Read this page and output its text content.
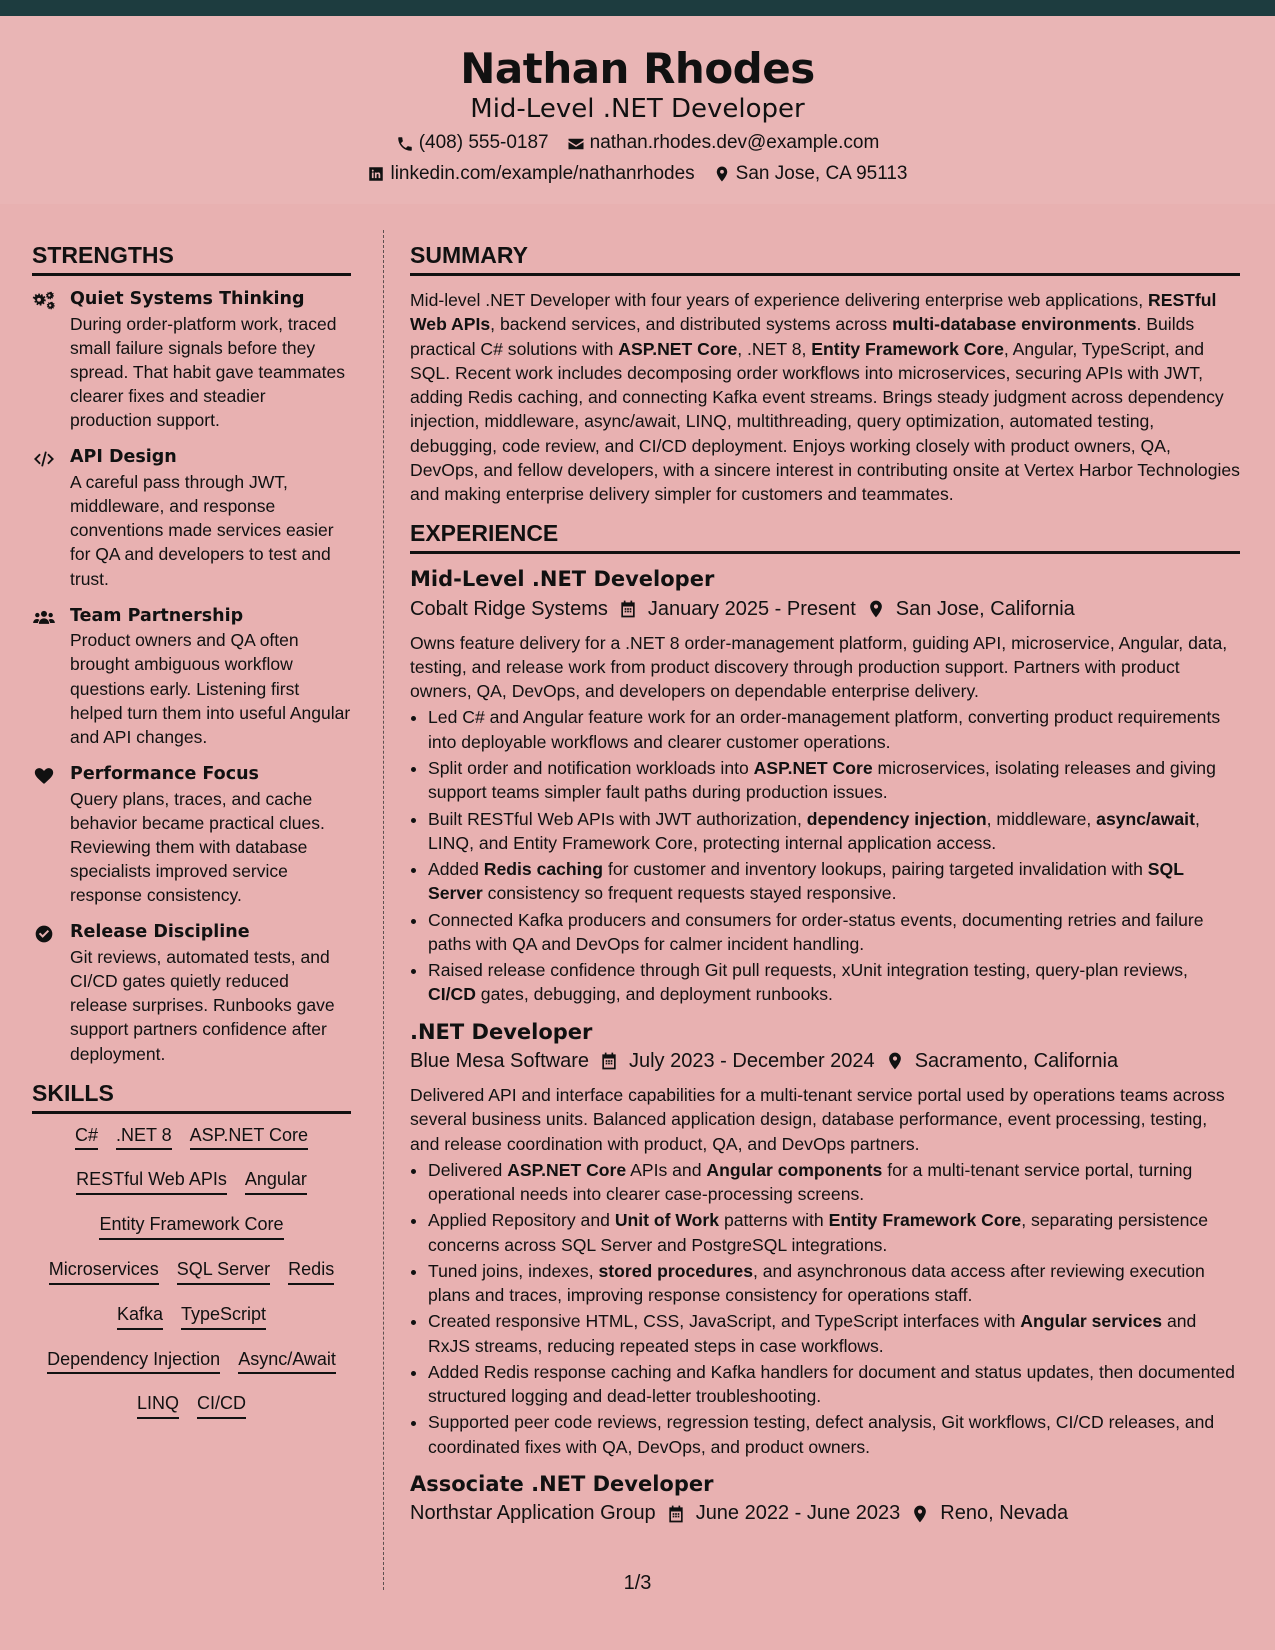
Nathan Rhodes
Mid-Level .NET Developer
(408) 555-0187 nathan.rhodes.dev@example.com
linkedin.com/example/nathanrhodes San Jose, CA 95113
STRENGTHS
Quiet Systems Thinking
During order-platform work, traced small failure signals before they spread. That habit gave teammates clearer fixes and steadier production support.
API Design
A careful pass through JWT, middleware, and response conventions made services easier for QA and developers to test and trust.
Team Partnership
Product owners and QA often brought ambiguous workflow questions early. Listening first helped turn them into useful Angular and API changes.
Performance Focus
Query plans, traces, and cache behavior became practical clues. Reviewing them with database specialists improved service response consistency.
Release Discipline
Git reviews, automated tests, and CI/CD gates quietly reduced release surprises. Runbooks gave support partners confidence after deployment.
SKILLS
C# .NET 8 ASP.NET Core
RESTful Web APIs Angular
Entity Framework Core
Microservices SQL Server Redis
Kafka TypeScript
Dependency Injection Async/Await
LINQ CI/CD
SUMMARY
Mid-level .NET Developer with four years of experience delivering enterprise web applications, RESTful Web APIs, backend services, and distributed systems across multi-database environments. Builds practical C# solutions with ASP.NET Core, .NET 8, Entity Framework Core, Angular, TypeScript, and SQL. Recent work includes decomposing order workflows into microservices, securing APIs with JWT, adding Redis caching, and connecting Kafka event streams. Brings steady judgment across dependency injection, middleware, async/await, LINQ, multithreading, query optimization, automated testing, debugging, code review, and CI/CD deployment. Enjoys working closely with product owners, QA, DevOps, and fellow developers, with a sincere interest in contributing onsite at Vertex Harbor Technologies and making enterprise delivery simpler for customers and teammates.
EXPERIENCE
Mid-Level .NET Developer
Cobalt Ridge Systems January 2025 - Present San Jose, California
Owns feature delivery for a .NET 8 order-management platform, guiding API, microservice, Angular, data, testing, and release work from product discovery through production support. Partners with product owners, QA, DevOps, and developers on dependable enterprise delivery.
• Led C# and Angular feature work for an order-management platform, converting product requirements into deployable workflows and clearer customer operations.
• Split order and notification workloads into ASP.NET Core microservices, isolating releases and giving support teams simpler fault paths during production issues.
• Built RESTful Web APIs with JWT authorization, dependency injection, middleware, async/await, LINQ, and Entity Framework Core, protecting internal application access.
• Added Redis caching for customer and inventory lookups, pairing targeted invalidation with SQL Server consistency so frequent requests stayed responsive.
• Connected Kafka producers and consumers for order-status events, documenting retries and failure paths with QA and DevOps for calmer incident handling.
• Raised release confidence through Git pull requests, xUnit integration testing, query-plan reviews, CI/CD gates, debugging, and deployment runbooks.
.NET Developer
Blue Mesa Software July 2023 - December 2024 Sacramento, California
Delivered API and interface capabilities for a multi-tenant service portal used by operations teams across several business units. Balanced application design, database performance, event processing, testing, and release coordination with product, QA, and DevOps partners.
• Delivered ASP.NET Core APIs and Angular components for a multi-tenant service portal, turning operational needs into clearer case-processing screens.
• Applied Repository and Unit of Work patterns with Entity Framework Core, separating persistence concerns across SQL Server and PostgreSQL integrations.
• Tuned joins, indexes, stored procedures, and asynchronous data access after reviewing execution plans and traces, improving response consistency for operations staff.
• Created responsive HTML, CSS, JavaScript, and TypeScript interfaces with Angular services and RxJS streams, reducing repeated steps in case workflows.
• Added Redis response caching and Kafka handlers for document and status updates, then documented structured logging and dead-letter troubleshooting.
• Supported peer code reviews, regression testing, defect analysis, Git workflows, CI/CD releases, and coordinated fixes with QA, DevOps, and product owners.
Associate .NET Developer
Northstar Application Group June 2022 - June 2023 Reno, Nevada
1/3
